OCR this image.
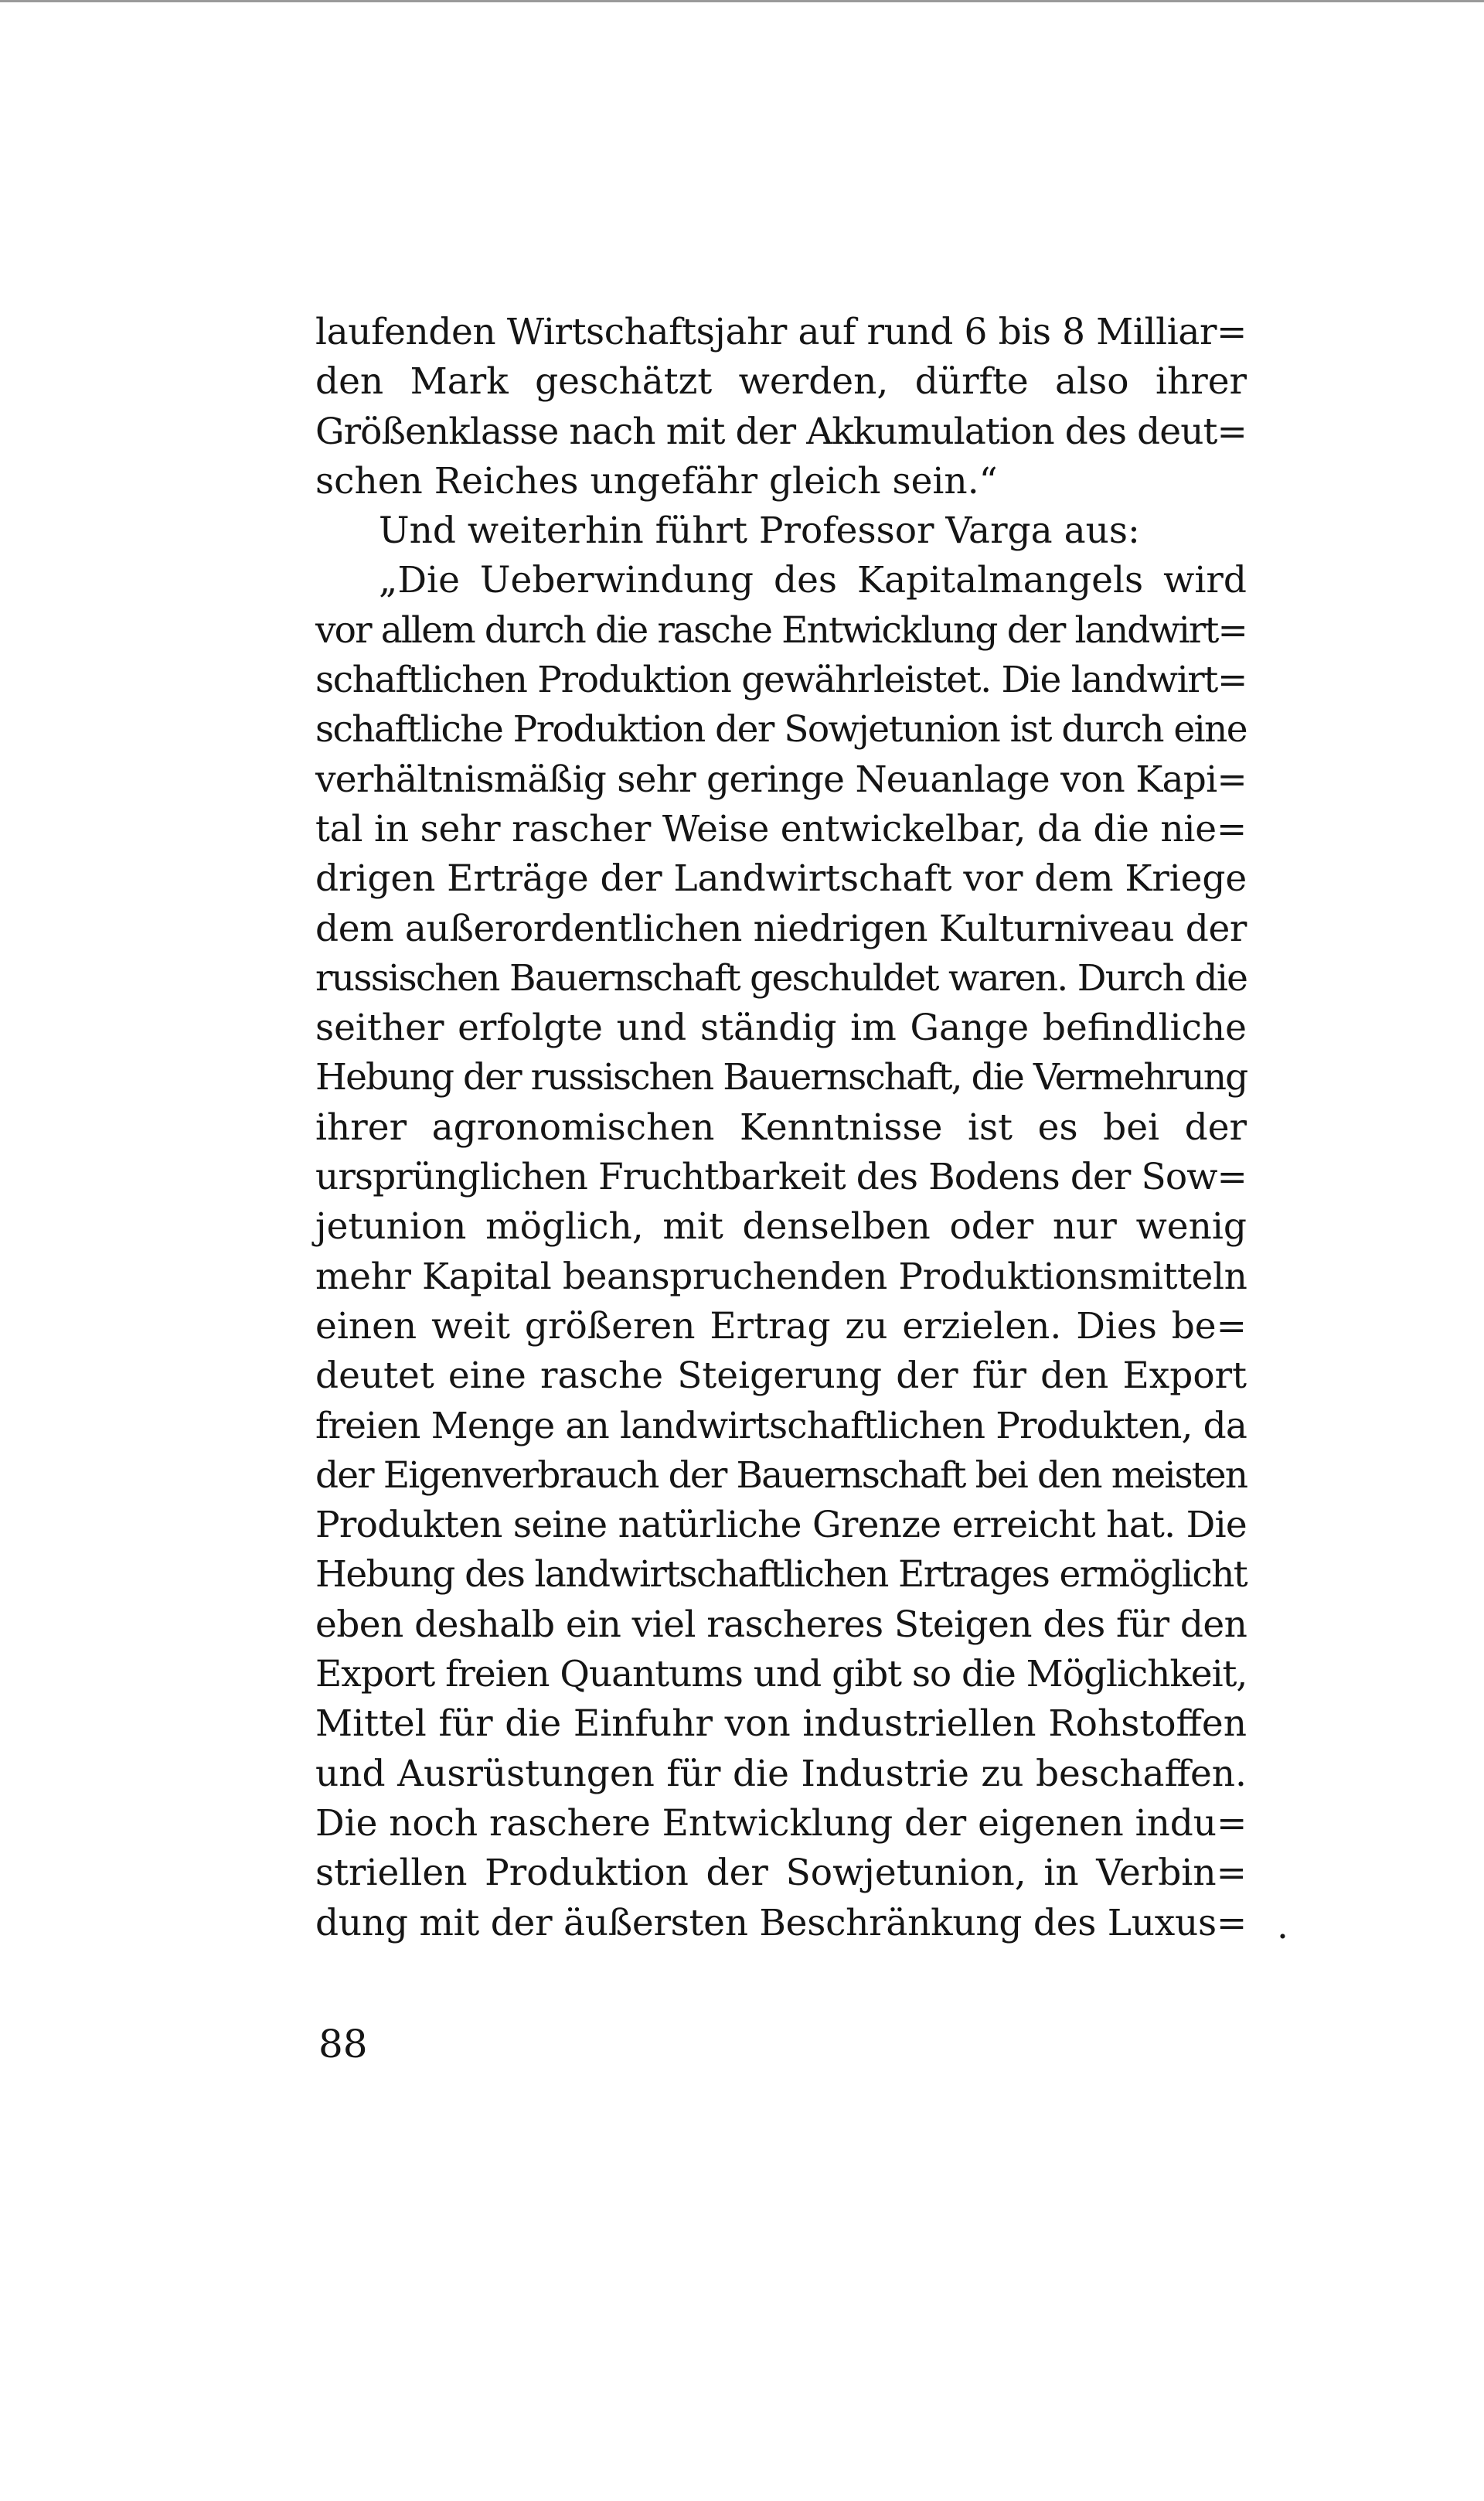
laufenden Wirtschaftsjahr auf rund 6 bis 8 Milliar=
den Mark geschätzt werden, dürfte also ihrer
Größenklasse nach mit der Akkumulation des deut=
schen Reiches ungefähr gleich sein.“
Und weiterhin führt Professor Varga aus:
„Die Ueberwindung des Kapitalmangels wird
vor allem durch die rasche Entwicklung der landwirt=
schaftlichen Produktion gewährleistet. Die landwirt=
schaftliche Produktion der Sowjetunion ist durch eine
verhältnismäßig sehr geringe Neuanlage von Kapi=
tal in sehr rascher Weise entwickelbar, da die nie=
drigen Erträge der Landwirtschaft vor dem Kriege
dem außerordentlichen niedrigen Kulturniveau der
russischen Bauernschaft geschuldet waren. Durch die
seither erfolgte und ständig im Gange befindliche
Hebung der russischen Bauernschaft, die Vermehrung
ihrer agronomischen Kenntnisse ist es bei der
ursprünglichen Fruchtbarkeit des Bodens der Sow=
jetunion möglich, mit denselben oder nur wenig
mehr Kapital beanspruchenden Produktionsmitteln
einen weit größeren Ertrag zu erzielen. Dies be=
deutet eine rasche Steigerung der für den Export
freien Menge an landwirtschaftlichen Produkten, da
der Eigenverbrauch der Bauernschaft bei den meisten
Produkten seine natürliche Grenze erreicht hat. Die
Hebung des landwirtschaftlichen Ertrages ermöglicht
eben deshalb ein viel rascheres Steigen des für den
Export freien Quantums und gibt so die Möglichkeit,
Mittel für die Einfuhr von industriellen Rohstoffen
und Ausrüstungen für die Industrie zu beschaffen.
Die noch raschere Entwicklung der eigenen indu=
striellen Produktion der Sowjetunion, in Verbin=
dung mit der äußersten Beschränkung des Luxus= .
88
